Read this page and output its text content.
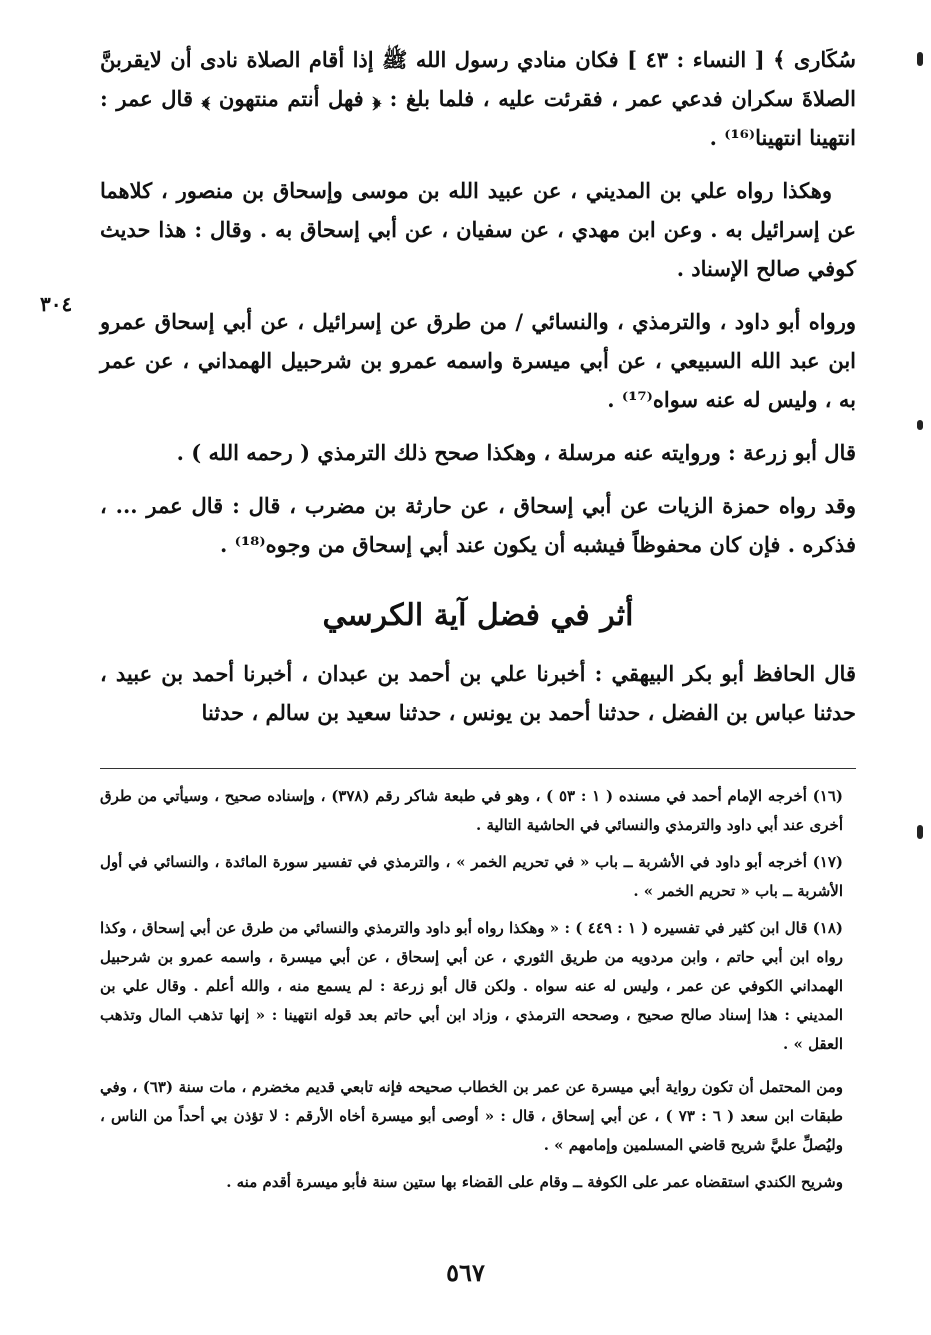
٣٠٤

سُكَارى ﴾ [ النساء : ٤٣ ] فكان منادي رسول الله ﷺ إذا أقام الصلاة نادى أن لايقربنَّ الصلاةَ سكران فدعي عمر ، فقرئت عليه ، فلما بلغ : ﴿ فهل أنتم منتهون ﴾ قال عمر : انتهينا انتهينا⁽¹⁶⁾ .

وهكذا رواه علي بن المديني ، عن عبيد الله بن موسى وإسحاق بن منصور ، كلاهما عن إسرائيل به . وعن ابن مهدي ، عن سفيان ، عن أبي إسحاق به . وقال : هذا حديث كوفي صالح الإسناد .

ورواه أبو داود ، والترمذي ، والنسائي / من طرق عن إسرائيل ، عن أبي إسحاق عمرو ابن عبد الله السبيعي ، عن أبي ميسرة واسمه عمرو بن شرحبيل الهمداني ، عن عمر به ، وليس له عنه سواه⁽¹⁷⁾ .

قال أبو زرعة : وروايته عنه مرسلة ، وهكذا صحح ذلك الترمذي ( رحمه الله ) .

وقد رواه حمزة الزيات عن أبي إسحاق ، عن حارثة بن مضرب ، قال : قال عمر ... ، فذكره . فإن كان محفوظاً فيشبه أن يكون عند أبي إسحاق من وجوه⁽¹⁸⁾ .

أثر في فضل آية الكرسي

قال الحافظ أبو بكر البيهقي : أخبرنا علي بن أحمد بن عبدان ، أخبرنا أحمد بن عبيد ، حدثنا عباس بن الفضل ، حدثنا أحمد بن يونس ، حدثنا سعيد بن سالم ، حدثنا

(١٦) أخرجه الإمام أحمد في مسنده ( ١ : ٥٣ ) ، وهو في طبعة شاكر رقم (٣٧٨) ، وإسناده صحيح ، وسيأتي من طرق أخرى عند أبي داود والترمذي والنسائي في الحاشية التالية .

(١٧) أخرجه أبو داود في الأشربة ــ باب « في تحريم الخمر » ، والترمذي في تفسير سورة المائدة ، والنسائي في أول الأشربة ــ باب « تحريم الخمر » .

(١٨) قال ابن كثير في تفسيره ( ١ : ٤٤٩ ) : « وهكذا رواه أبو داود والترمذي والنسائي من طرق عن أبي إسحاق ، وكذا رواه ابن أبي حاتم ، وابن مردويه من طريق الثوري ، عن أبي إسحاق ، عن أبي ميسرة ، واسمه عمرو بن شرحبيل الهمداني الكوفي عن عمر ، وليس له عنه سواه . ولكن قال أبو زرعة : لم يسمع منه ، والله أعلم . وقال علي بن المديني : هذا إسناد صالح صحيح ، وصححه الترمذي ، وزاد ابن أبي حاتم بعد قوله انتهينا : « إنها تذهب المال وتذهب العقل » .

ومن المحتمل أن تكون رواية أبي ميسرة عن عمر بن الخطاب صحيحه فإنه تابعي قديم مخضرم ، مات سنة (٦٣) ، وفي طبقات ابن سعد ( ٦ : ٧٣ ) ، عن أبي إسحاق ، قال : « أوصى أبو ميسرة أخاه الأرقم : لا تؤذن بي أحداً من الناس ، وليُصلِّ عليَّ شريح قاضي المسلمين وإمامهم » .

وشريح الكندي استقضاه عمر على الكوفة ــ وقام على القضاء بها ستين سنة فأبو ميسرة أقدم منه .

٥٦٧
